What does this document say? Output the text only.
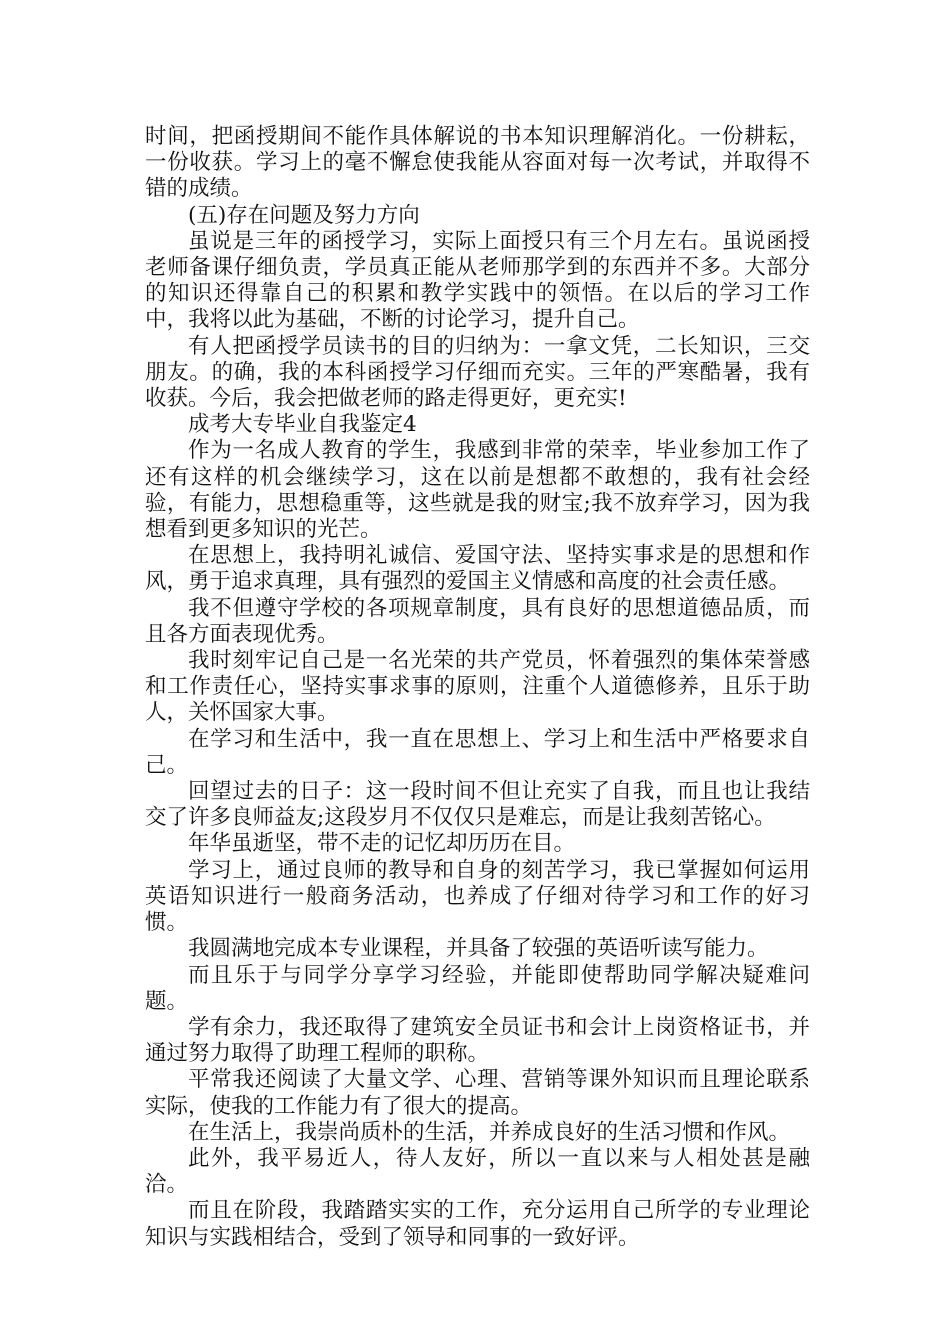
时间，把函授期间不能作具体解说的书本知识理解消化。一份耕耘，一份收获。学习上的毫不懈怠使我能从容面对每一次考试，并取得不错的成绩。

(五)存在问题及努力方向

虽说是三年的函授学习，实际上面授只有三个月左右。虽说函授老师备课仔细负责，学员真正能从老师那学到的东西并不多。大部分的知识还得靠自己的积累和教学实践中的领悟。在以后的学习工作中，我将以此为基础，不断的讨论学习，提升自己。

有人把函授学员读书的目的归纳为：一拿文凭，二长知识，三交朋友。的确，我的本科函授学习仔细而充实。三年的严寒酷暑，我有收获。今后，我会把做老师的路走得更好，更充实!

成考大专毕业自我鉴定4

作为一名成人教育的学生，我感到非常的荣幸，毕业参加工作了还有这样的机会继续学习，这在以前是想都不敢想的，我有社会经验，有能力，思想稳重等，这些就是我的财宝;我不放弃学习，因为我想看到更多知识的光芒。

在思想上，我持明礼诚信、爱国守法、坚持实事求是的思想和作风，勇于追求真理，具有强烈的爱国主义情感和高度的社会责任感。

我不但遵守学校的各项规章制度，具有良好的思想道德品质，而且各方面表现优秀。

我时刻牢记自己是一名光荣的共产党员，怀着强烈的集体荣誉感和工作责任心，坚持实事求事的原则，注重个人道德修养，且乐于助人，关怀国家大事。

在学习和生活中，我一直在思想上、学习上和生活中严格要求自己。

回望过去的日子：这一段时间不但让充实了自我，而且也让我结交了许多良师益友;这段岁月不仅仅只是难忘，而是让我刻苦铭心。

年华虽逝坚，带不走的记忆却历历在目。

学习上，通过良师的教导和自身的刻苦学习，我已掌握如何运用英语知识进行一般商务活动，也养成了仔细对待学习和工作的好习惯。

我圆满地完成本专业课程，并具备了较强的英语听读写能力。

而且乐于与同学分享学习经验，并能即使帮助同学解决疑难问题。

学有余力，我还取得了建筑安全员证书和会计上岗资格证书，并通过努力取得了助理工程师的职称。

平常我还阅读了大量文学、心理、营销等课外知识而且理论联系实际，使我的工作能力有了很大的提高。

在生活上，我崇尚质朴的生活，并养成良好的生活习惯和作风。

此外，我平易近人，待人友好，所以一直以来与人相处甚是融洽。

而且在阶段，我踏踏实实的工作，充分运用自己所学的专业理论知识与实践相结合，受到了领导和同事的一致好评。
